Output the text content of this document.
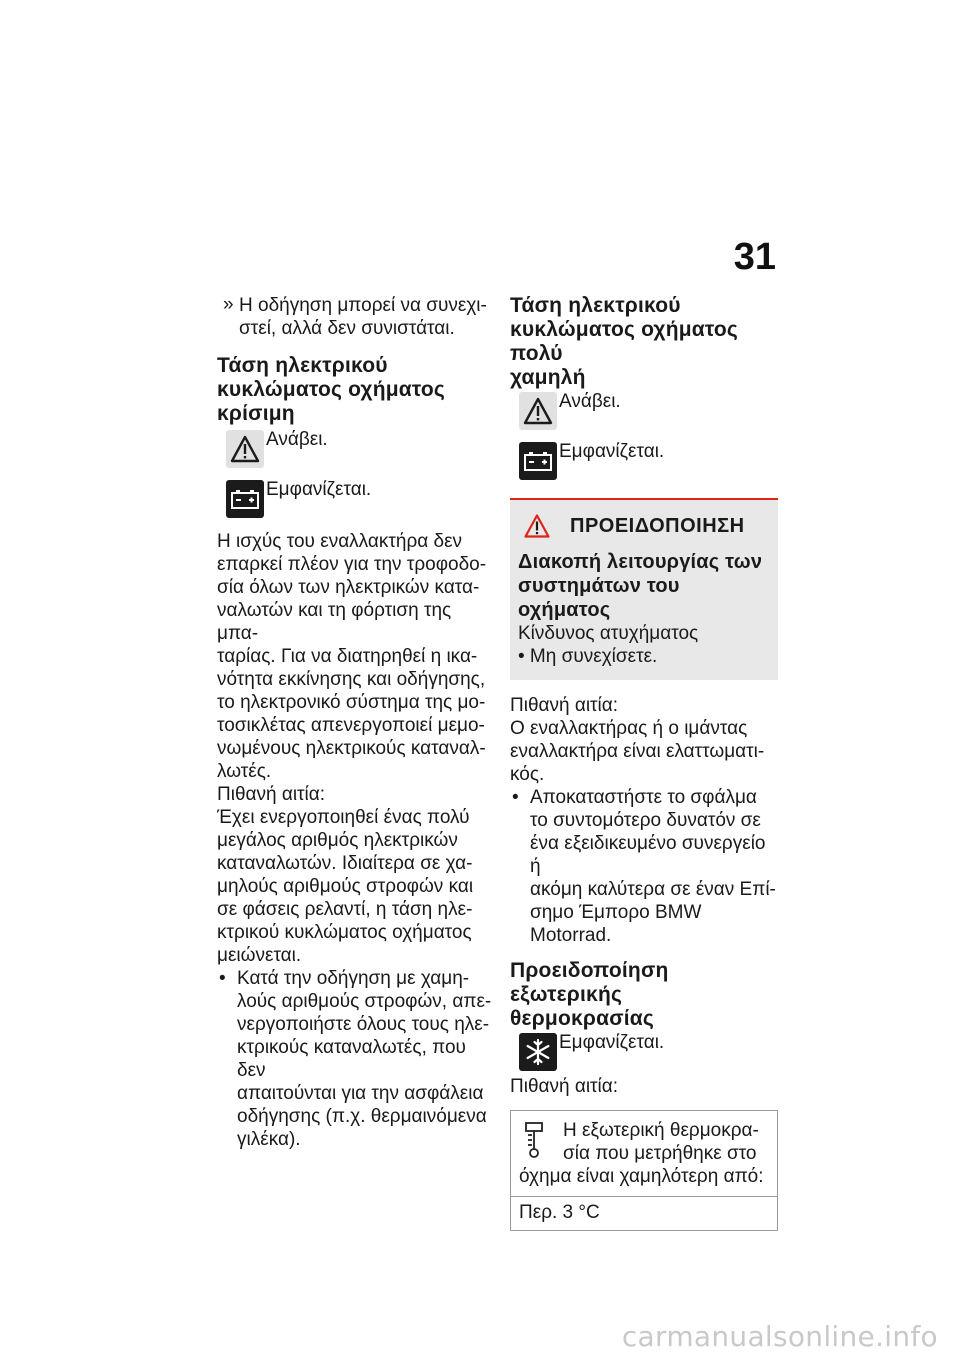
31
» Η οδήγηση μπορεί να συνεχι-

στεί, αλλά δεν συνιστάται.

Τάση ηλεκτρικού

κυκλώματος οχήματος

κρίσιμη

Ανάβει.
Εμφανίζεται.

Η ισχύς του εναλλακτήρα δεν

επαρκεί πλέον για την τροφοδο-

σία όλων των ηλεκτρικών κατα-

ναλωτών και τη φόρτιση της μπα-

ταρίας. Για να διατηρηθεί η ικα-

νότητα εκκίνησης και οδήγησης,

το ηλεκτρονικό σύστημα της μο-

τοσικλέτας απενεργοποιεί μεμο-

νωμένους ηλεκτρικούς καταναλ-

λωτές.

Πιθανή αιτία:

Έχει ενεργοποιηθεί ένας πολύ

μεγάλος αριθμός ηλεκτρικών

καταναλωτών. Ιδιαίτερα σε χα-

μηλούς αριθμούς στροφών και

σε φάσεις ρελαντί, η τάση ηλε-

κτρικού κυκλώματος οχήματος

μειώνεται.

• Κατά την οδήγηση με χαμη-

λούς αριθμούς στροφών, απε-

νεργοποιήστε όλους τους ηλε-

κτρικούς καταναλωτές, που δεν

απαιτούνται για την ασφάλεια

οδήγησης (π.χ. θερμαινόμενα

γιλέκα).

Τάση ηλεκτρικού

κυκλώματος οχήματος πολύ

χαμηλή

Ανάβει.
Εμφανίζεται.
ΠΡΟΕΙΔΟΠΟΙΗΣΗ

Διακοπή λειτουργίας των

συστημάτων του οχήματος

Κίνδυνος ατυχήματος

• Μη συνεχίσετε.

Πιθανή αιτία:

Ο εναλλακτήρας ή ο ιμάντας

εναλλακτήρα είναι ελαττωματι-

κός.

• Αποκαταστήστε το σφάλμα

το συντομότερο δυνατόν σε

ένα εξειδικευμένο συνεργείο ή

ακόμη καλύτερα σε έναν Επί-

σημο Έμπορο BMW Motorrad.

Προειδοποίηση εξωτερικής

θερμοκρασίας

Εμφανίζεται.

Πιθανή αιτία:

Η εξωτερική θερμοκρα-

σία που μετρήθηκε στο

όχημα είναι χαμηλότερη από:

Περ. 3 °C

carmanualsonline.info
